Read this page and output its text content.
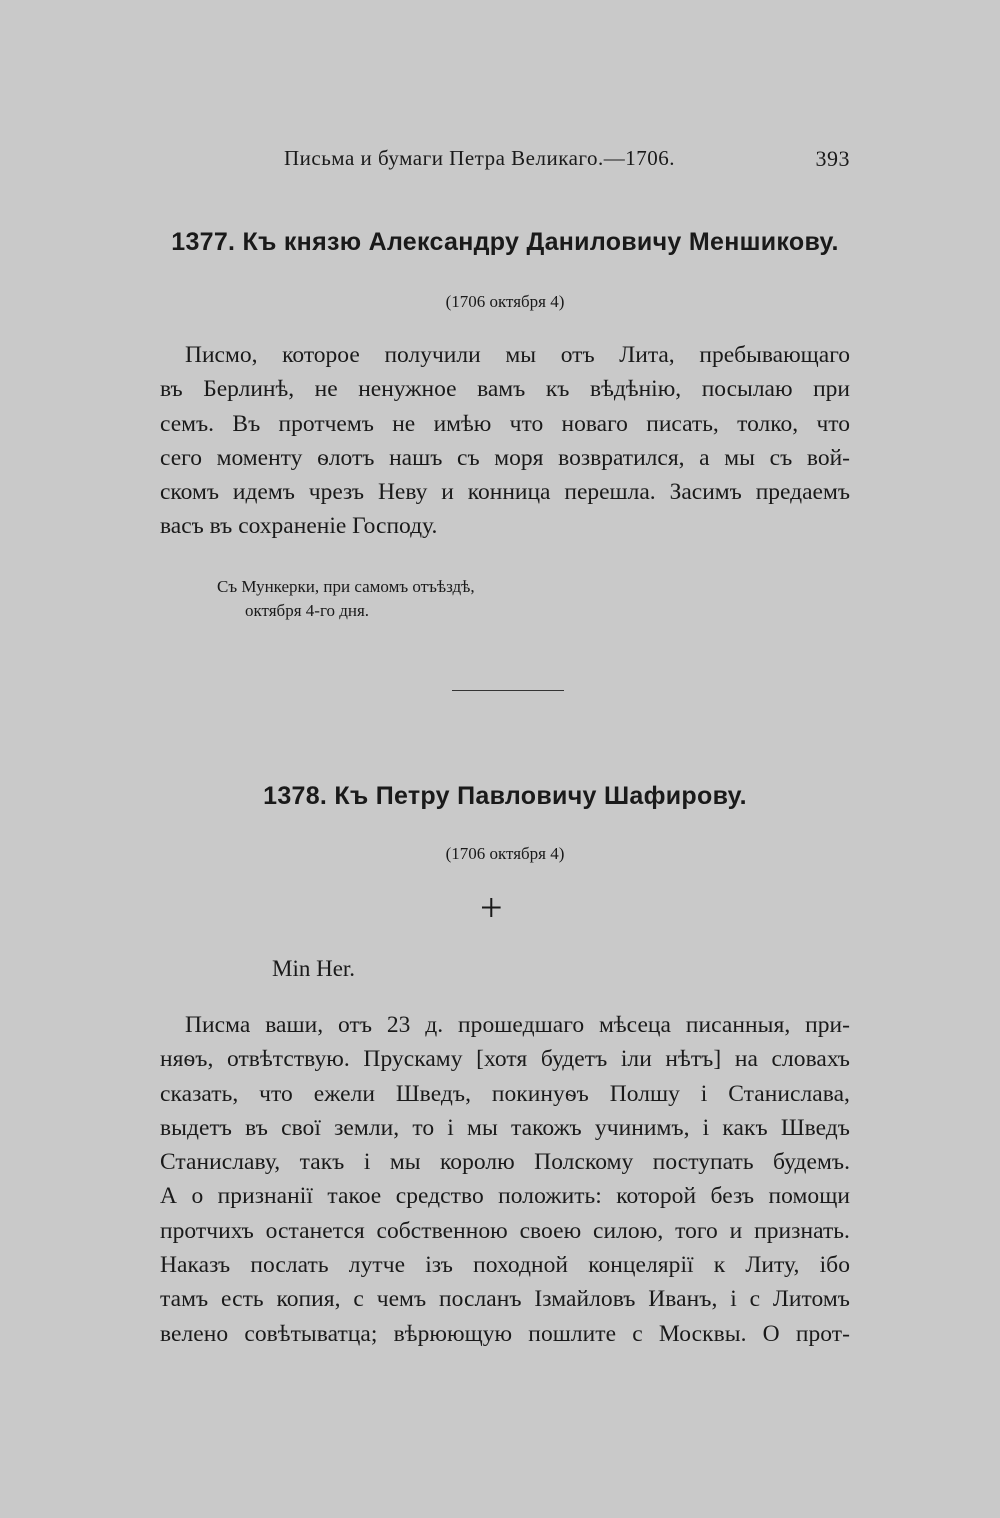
Письма и бумаги Петра Великаго.—1706.	393
1377. Къ князю Александру Даниловичу Меншикову.
(1706 октября 4)
Писмо, которое получили мы отъ Лита, пребывающаго
въ Берлинѣ, не ненужное вамъ къ вѣдѣнію, посылаю при
семъ. Въ протчемъ не имѣю что новаго писать, толко, что
сего моменту ѳлотъ нашъ съ моря возвратился, а мы съ вой-
скомъ идемъ чрезъ Неву и конница перешла. Засимъ предаемъ
васъ въ сохраненіе Господу.
Съ Мункерки, при самомъ отъѣздѣ,
октября 4-го дня.
1378. Къ Петру Павловичу Шафирову.
(1706 октября 4)
+
Min Her.
Писма ваши, отъ 23 д. прошедшаго мѣсеца писанныя, при-
няѳъ, отвѣтствую. Прускаму [хотя будетъ іли нѣтъ] на словахъ
сказать, что ежели Шведъ, покинуѳъ Полшу і Станислава,
выдетъ въ свої земли, то і мы такожъ учинимъ, і какъ Шведъ
Станиславу, такъ і мы королю Полскому поступать будемъ.
А о признанії такое средство положить: которой безъ помощи
протчихъ останется собственною своею силою, того и признать.
Наказъ послать лутче ізъ походной концелярії к Литу, ібо
тамъ есть копия, с чемъ посланъ Ізмайловъ Иванъ, і с Литомъ
велено совѣтыватца; вѣрюющую пошлите с Москвы. О прот-
